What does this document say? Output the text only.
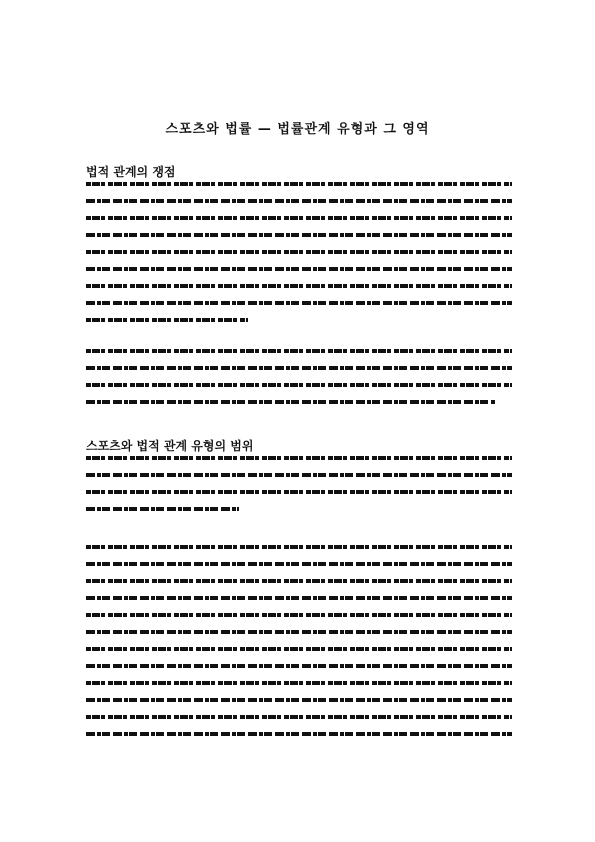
스포츠와 법률 — 법률관계 유형과 그 영역
법적 관계의 쟁점
스포츠와 법적 관계 유형의 범위
